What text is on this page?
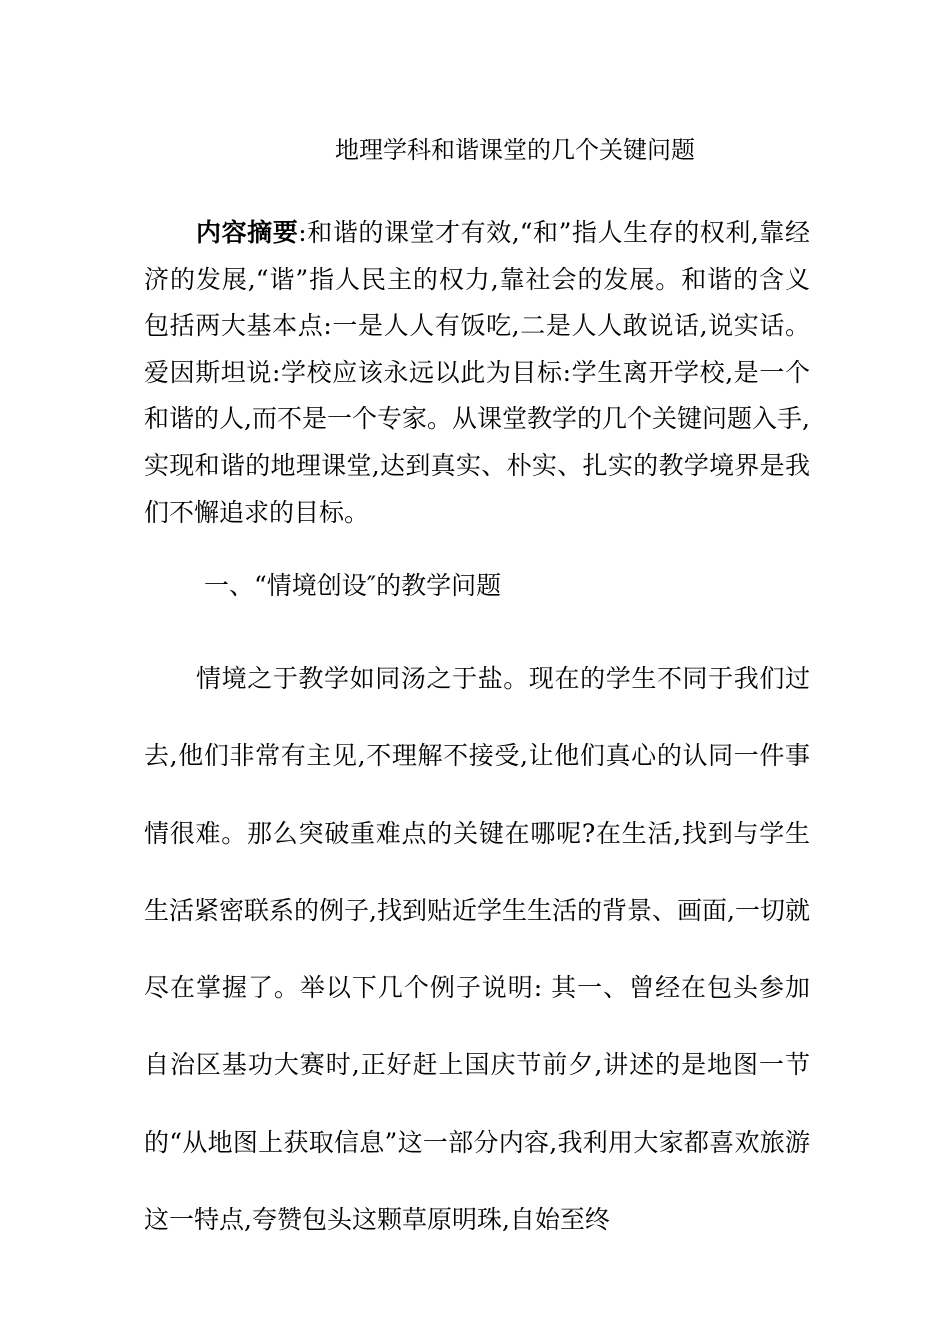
地理学科和谐课堂的几个关键问题

内容摘要:和谐的课堂才有效,“和”指人生存的权利,靠经济的发展,“谐”指人民主的权力,靠社会的发展。和谐的含义包括两大基本点:一是人人有饭吃,二是人人敢说话,说实话。爱因斯坦说:学校应该永远以此为目标:学生离开学校,是一个和谐的人,而不是一个专家。从课堂教学的几个关键问题入手,实现和谐的地理课堂,达到真实、朴实、扎实的教学境界是我们不懈追求的目标。

一、“情境创设″的教学问题

情境之于教学如同汤之于盐。现在的学生不同于我们过去,他们非常有主见,不理解不接受,让他们真心的认同一件事情很难。那么突破重难点的关键在哪呢?在生活,找到与学生生活紧密联系的例子,找到贴近学生生活的背景、画面,一切就尽在掌握了。举以下几个例子说明: 其一、曾经在包头参加自治区基功大赛时,正好赶上国庆节前夕,讲述的是地图一节的“从地图上获取信息”这一部分内容,我利用大家都喜欢旅游这一特点,夸赞包头这颗草原明珠,自始至终
